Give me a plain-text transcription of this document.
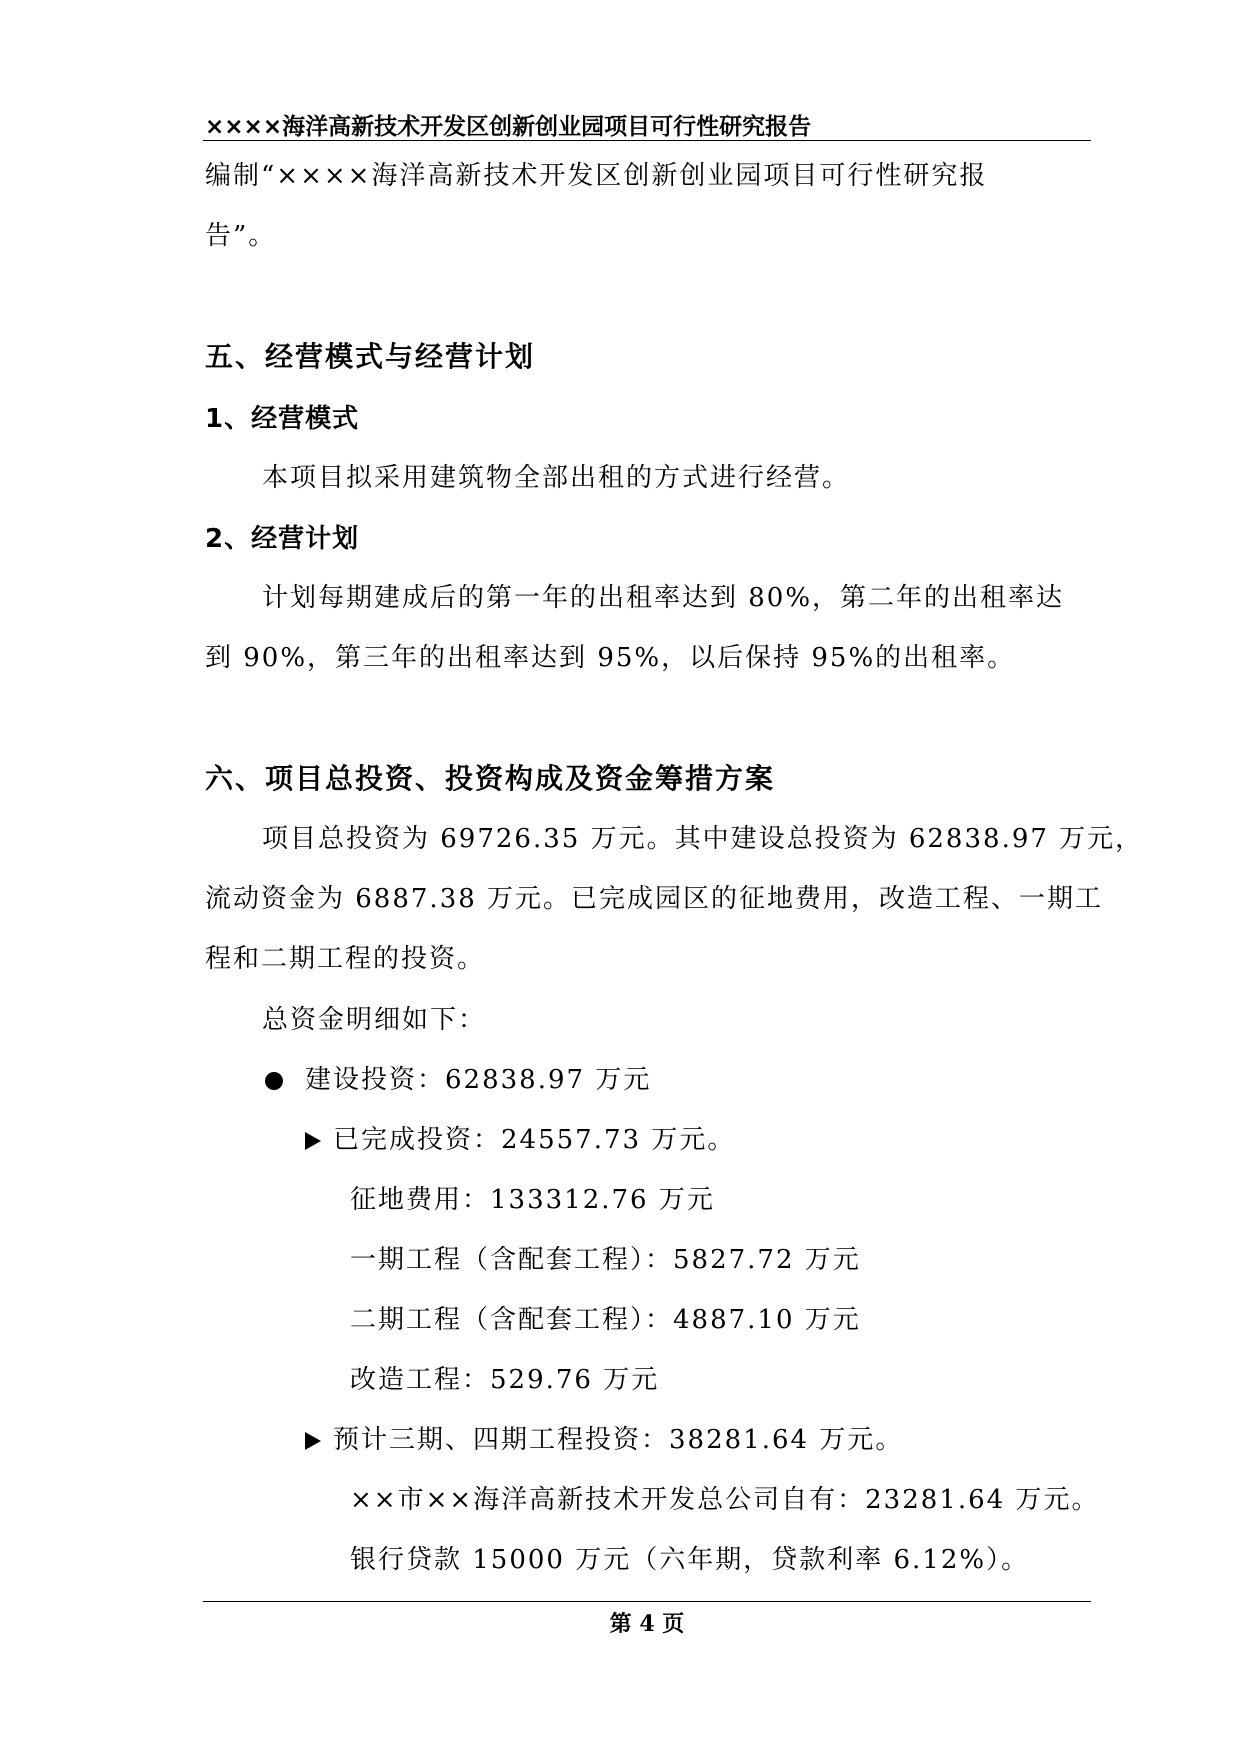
××××海洋高新技术开发区创新创业园项目可行性研究报告
编制“××××海洋高新技术开发区创新创业园项目可行性研究报
告”。
五、经营模式与经营计划
1、经营模式
本项目拟采用建筑物全部出租的方式进行经营。
2、经营计划
计划每期建成后的第一年的出租率达到 80%，第二年的出租率达
到 90%，第三年的出租率达到 95%，以后保持 95%的出租率。
六、项目总投资、投资构成及资金筹措方案
项目总投资为 69726.35 万元。其中建设总投资为 62838.97 万元，
流动资金为 6887.38 万元。已完成园区的征地费用，改造工程、一期工
程和二期工程的投资。
总资金明细如下：
建设投资：62838.97 万元
已完成投资：24557.73 万元。
征地费用：133312.76 万元
一期工程（含配套工程）：5827.72 万元
二期工程（含配套工程）：4887.10 万元
改造工程：529.76 万元
预计三期、四期工程投资：38281.64 万元。
××市××海洋高新技术开发总公司自有：23281.64 万元。
银行贷款 15000 万元（六年期，贷款利率 6.12%）。
第 4 页
